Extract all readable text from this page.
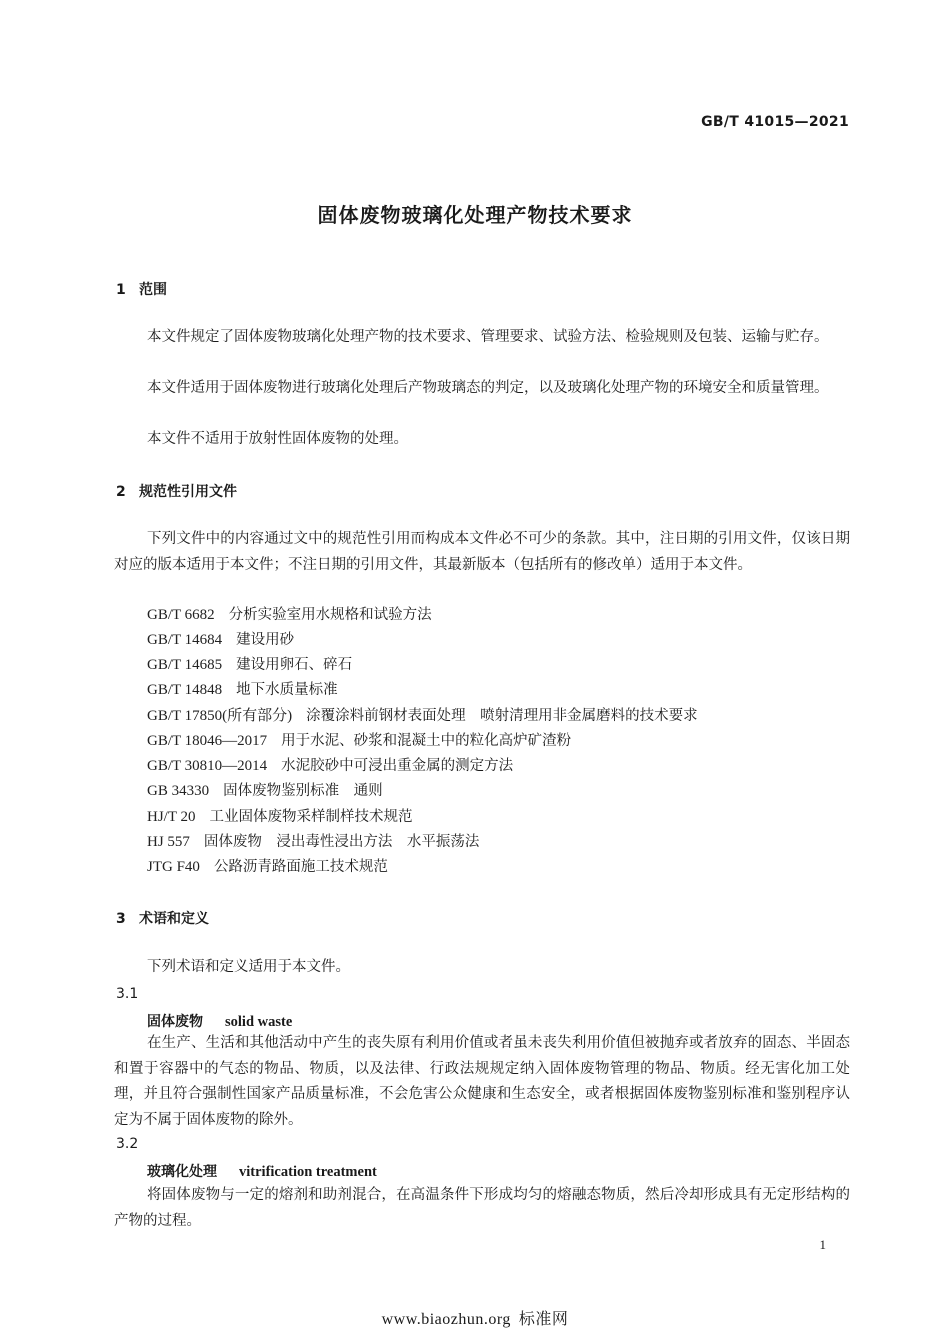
GB/T 41015—2021
固体废物玻璃化处理产物技术要求
1 范围

本文件规定了固体废物玻璃化处理产物的技术要求、管理要求、试验方法、检验规则及包装、运输与贮存。

本文件适用于固体废物进行玻璃化处理后产物玻璃态的判定，以及玻璃化处理产物的环境安全和质量管理。

本文件不适用于放射性固体废物的处理。

2 规范性引用文件

下列文件中的内容通过文中的规范性引用而构成本文件必不可少的条款。其中，注日期的引用文件，仅该日期对应的版本适用于本文件；不注日期的引用文件，其最新版本（包括所有的修改单）适用于本文件。

GB/T 6682 分析实验室用水规格和试验方法
GB/T 14684 建设用砂
GB/T 14685 建设用卵石、碎石
GB/T 14848 地下水质量标准
GB/T 17850(所有部分) 涂覆涂料前钢材表面处理　喷射清理用非金属磨料的技术要求
GB/T 18046—2017 用于水泥、砂浆和混凝土中的粒化高炉矿渣粉
GB/T 30810—2014 水泥胶砂中可浸出重金属的测定方法
GB 34330 固体废物鉴别标准　通则
HJ/T 20 工业固体废物采样制样技术规范
HJ 557 固体废物　浸出毒性浸出方法　水平振荡法
JTG F40 公路沥青路面施工技术规范
3 术语和定义

下列术语和定义适用于本文件。

3.1
固体废物 solid waste

在生产、生活和其他活动中产生的丧失原有利用价值或者虽未丧失利用价值但被抛弃或者放弃的固态、半固态和置于容器中的气态的物品、物质，以及法律、行政法规规定纳入固体废物管理的物品、物质。经无害化加工处理，并且符合强制性国家产品质量标准，不会危害公众健康和生态安全，或者根据固体废物鉴别标准和鉴别程序认定为不属于固体废物的除外。

3.2
玻璃化处理 vitrification treatment

将固体废物与一定的熔剂和助剂混合，在高温条件下形成均匀的熔融态物质，然后冷却形成具有无定形结构的产物的过程。

1
www.biaozhun.org 标准网
